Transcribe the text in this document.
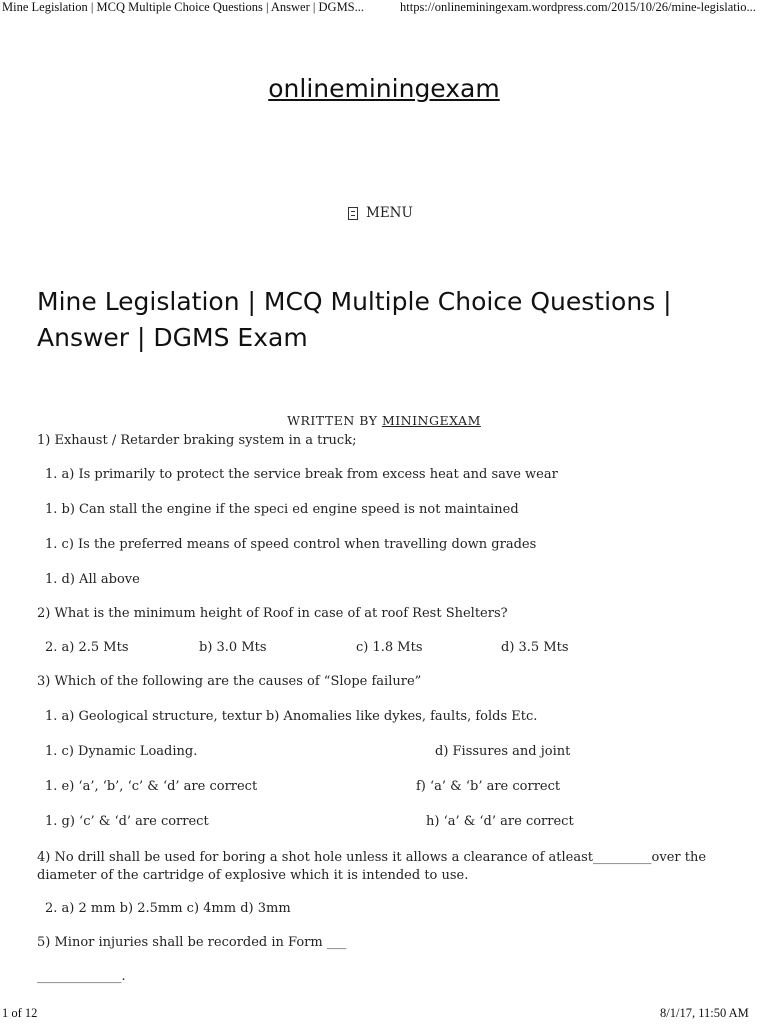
Mine Legislation | MCQ Multiple Choice Questions | Answer | DGMS...	https://onlineminingexam.wordpress.com/2015/10/26/mine-legislatio...
onlineminingexam
MENU
Mine Legislation | MCQ Multiple Choice Questions | Answer | DGMS Exam
WRITTEN BY MININGEXAM
1) Exhaust / Retarder braking system in a truck;
1. a) Is primarily to protect the service break from excess heat and save wear
1. b) Can stall the engine if the speci ed engine speed is not maintained
1. c) Is the preferred means of speed control when travelling down grades
1. d) All above
2) What is the minimum height of Roof in case of at roof Rest Shelters?
2. a) 2.5 Mts	b) 3.0 Mts	c) 1.8 Mts	d) 3.5 Mts
3) Which of the following are the causes of “Slope failure”
1. a) Geological structure, textur b) Anomalies like dykes, faults, folds Etc.
1. c) Dynamic Loading.	d) Fissures and joint
1. e) ‘a’, ‘b’, ‘c’ & ‘d’ are correct	f) ‘a’ & ‘b’ are correct
1. g) ‘c’ & ‘d’ are correct	h) ‘a’ & ‘d’ are correct
4) No drill shall be used for boring a shot hole unless it allows a clearance of atleast_________over the diameter of the cartridge of explosive which it is intended to use.
2. a) 2 mm b) 2.5mm c) 4mm d) 3mm
5) Minor injuries shall be recorded in Form ___
_____________.
1 of 12	8/1/17, 11:50 AM
